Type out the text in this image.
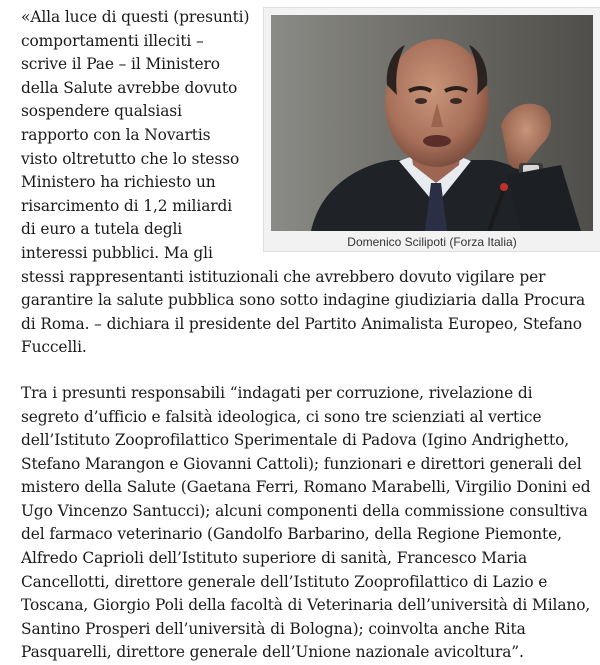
Domenico Scilipoti (Forza Italia)

«Alla luce di questi (presunti) comportamenti illeciti – scrive il Pae – il Ministero della Salute avrebbe dovuto sospendere qualsiasi rapporto con la Novartis visto oltretutto che lo stesso Ministero ha richiesto un risarcimento di 1,2 miliardi di euro a tutela degli interessi pubblici. Ma gli stessi rappresentanti istituzionali che avrebbero dovuto vigilare per garantire la salute pubblica sono sotto indagine giudiziaria dalla Procura di Roma. – dichiara il presidente del Partito Animalista Europeo, Stefano Fuccelli.

Tra i presunti responsabili “indagati per corruzione, rivelazione di segreto d’ufficio e falsità ideologica, ci sono tre scienziati al vertice dell’Istituto Zooprofilattico Sperimentale di Padova (Igino Andrighetto, Stefano Marangon e Giovanni Cattoli); funzionari e direttori generali del mistero della Salute (Gaetana Ferri, Romano Marabelli, Virgilio Donini ed Ugo Vincenzo Santucci); alcuni componenti della commissione consultiva del farmaco veterinario (Gandolfo Barbarino, della Regione Piemonte, Alfredo Caprioli dell’Istituto superiore di sanità, Francesco Maria Cancellotti, direttore generale dell’Istituto Zooprofilattico di Lazio e Toscana, Giorgio Poli della facoltà di Veterinaria dell’università di Milano, Santino Prosperi dell’università di Bologna); coinvolta anche Rita Pasquarelli, direttore generale dell’Unione nazionale avicoltura”.
